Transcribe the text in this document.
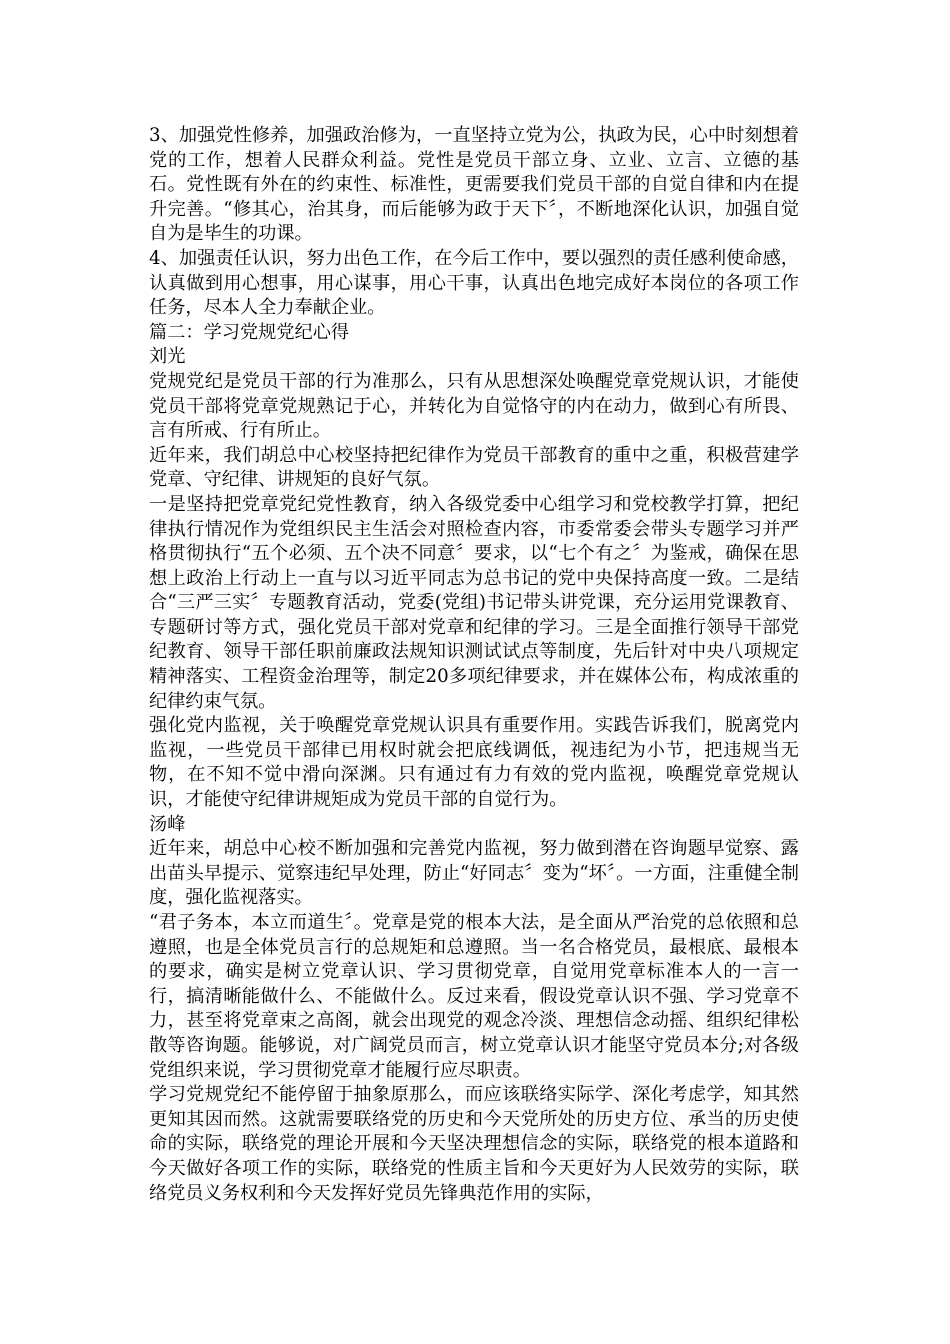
3、加强党性修养，加强政治修为，一直坚持立党为公，执政为民，心中时刻想着党的工作，想着人民群众利益。党性是党员干部立身、立业、立言、立德的基石。党性既有外在的约束性、标准性，更需要我们党员干部的自觉自律和内在提升完善。“修其心，治其身，而后能够为政于天下〞，不断地深化认识，加强自觉自为是毕生的功课。

4、加强责任认识，努力出色工作，在今后工作中，要以强烈的责任感利使命感，认真做到用心想事，用心谋事，用心干事，认真出色地完成好本岗位的各项工作任务，尽本人全力奉献企业。

篇二：学习党规党纪心得

刘光

党规党纪是党员干部的行为准那么，只有从思想深处唤醒党章党规认识，才能使党员干部将党章党规熟记于心，并转化为自觉恪守的内在动力，做到心有所畏、言有所戒、行有所止。

近年来，我们胡总中心校坚持把纪律作为党员干部教育的重中之重，积极营建学党章、守纪律、讲规矩的良好气氛。

一是坚持把党章党纪党性教育，纳入各级党委中心组学习和党校教学打算，把纪律执行情况作为党组织民主生活会对照检查内容，市委常委会带头专题学习并严格贯彻执行“五个必须、五个决不同意〞要求，以“七个有之〞为鉴戒，确保在思想上政治上行动上一直与以习近平同志为总书记的党中央保持高度一致。二是结合“三严三实〞专题教育活动，党委(党组)书记带头讲党课，充分运用党课教育、专题研讨等方式，强化党员干部对党章和纪律的学习。三是全面推行领导干部党纪教育、领导干部任职前廉政法规知识测试试点等制度，先后针对中央八项规定精神落实、工程资金治理等，制定20多项纪律要求，并在媒体公布，构成浓重的纪律约束气氛。

强化党内监视，关于唤醒党章党规认识具有重要作用。实践告诉我们，脱离党内监视，一些党员干部律已用权时就会把底线调低，视违纪为小节，把违规当无物，在不知不觉中滑向深渊。只有通过有力有效的党内监视，唤醒党章党规认识，才能使守纪律讲规矩成为党员干部的自觉行为。

汤峰

近年来，胡总中心校不断加强和完善党内监视，努力做到潜在咨询题早觉察、露出苗头早提示、觉察违纪早处理，防止“好同志〞变为“坏〞。一方面，注重健全制度，强化监视落实。

“君子务本，本立而道生〞。党章是党的根本大法，是全面从严治党的总依照和总遵照，也是全体党员言行的总规矩和总遵照。当一名合格党员，最根底、最根本的要求，确实是树立党章认识、学习贯彻党章，自觉用党章标准本人的一言一行，搞清晰能做什么、不能做什么。反过来看，假设党章认识不强、学习党章不力，甚至将党章束之高阁，就会出现党的观念冷淡、理想信念动摇、组织纪律松散等咨询题。能够说，对广阔党员而言，树立党章认识才能坚守党员本分;对各级党组织来说，学习贯彻党章才能履行应尽职责。

学习党规党纪不能停留于抽象原那么，而应该联络实际学、深化考虑学，知其然更知其因而然。这就需要联络党的历史和今天党所处的历史方位、承当的历史使命的实际，联络党的理论开展和今天坚决理想信念的实际，联络党的根本道路和今天做好各项工作的实际，联络党的性质主旨和今天更好为人民效劳的实际，联络党员义务权利和今天发挥好党员先锋典范作用的实际，
